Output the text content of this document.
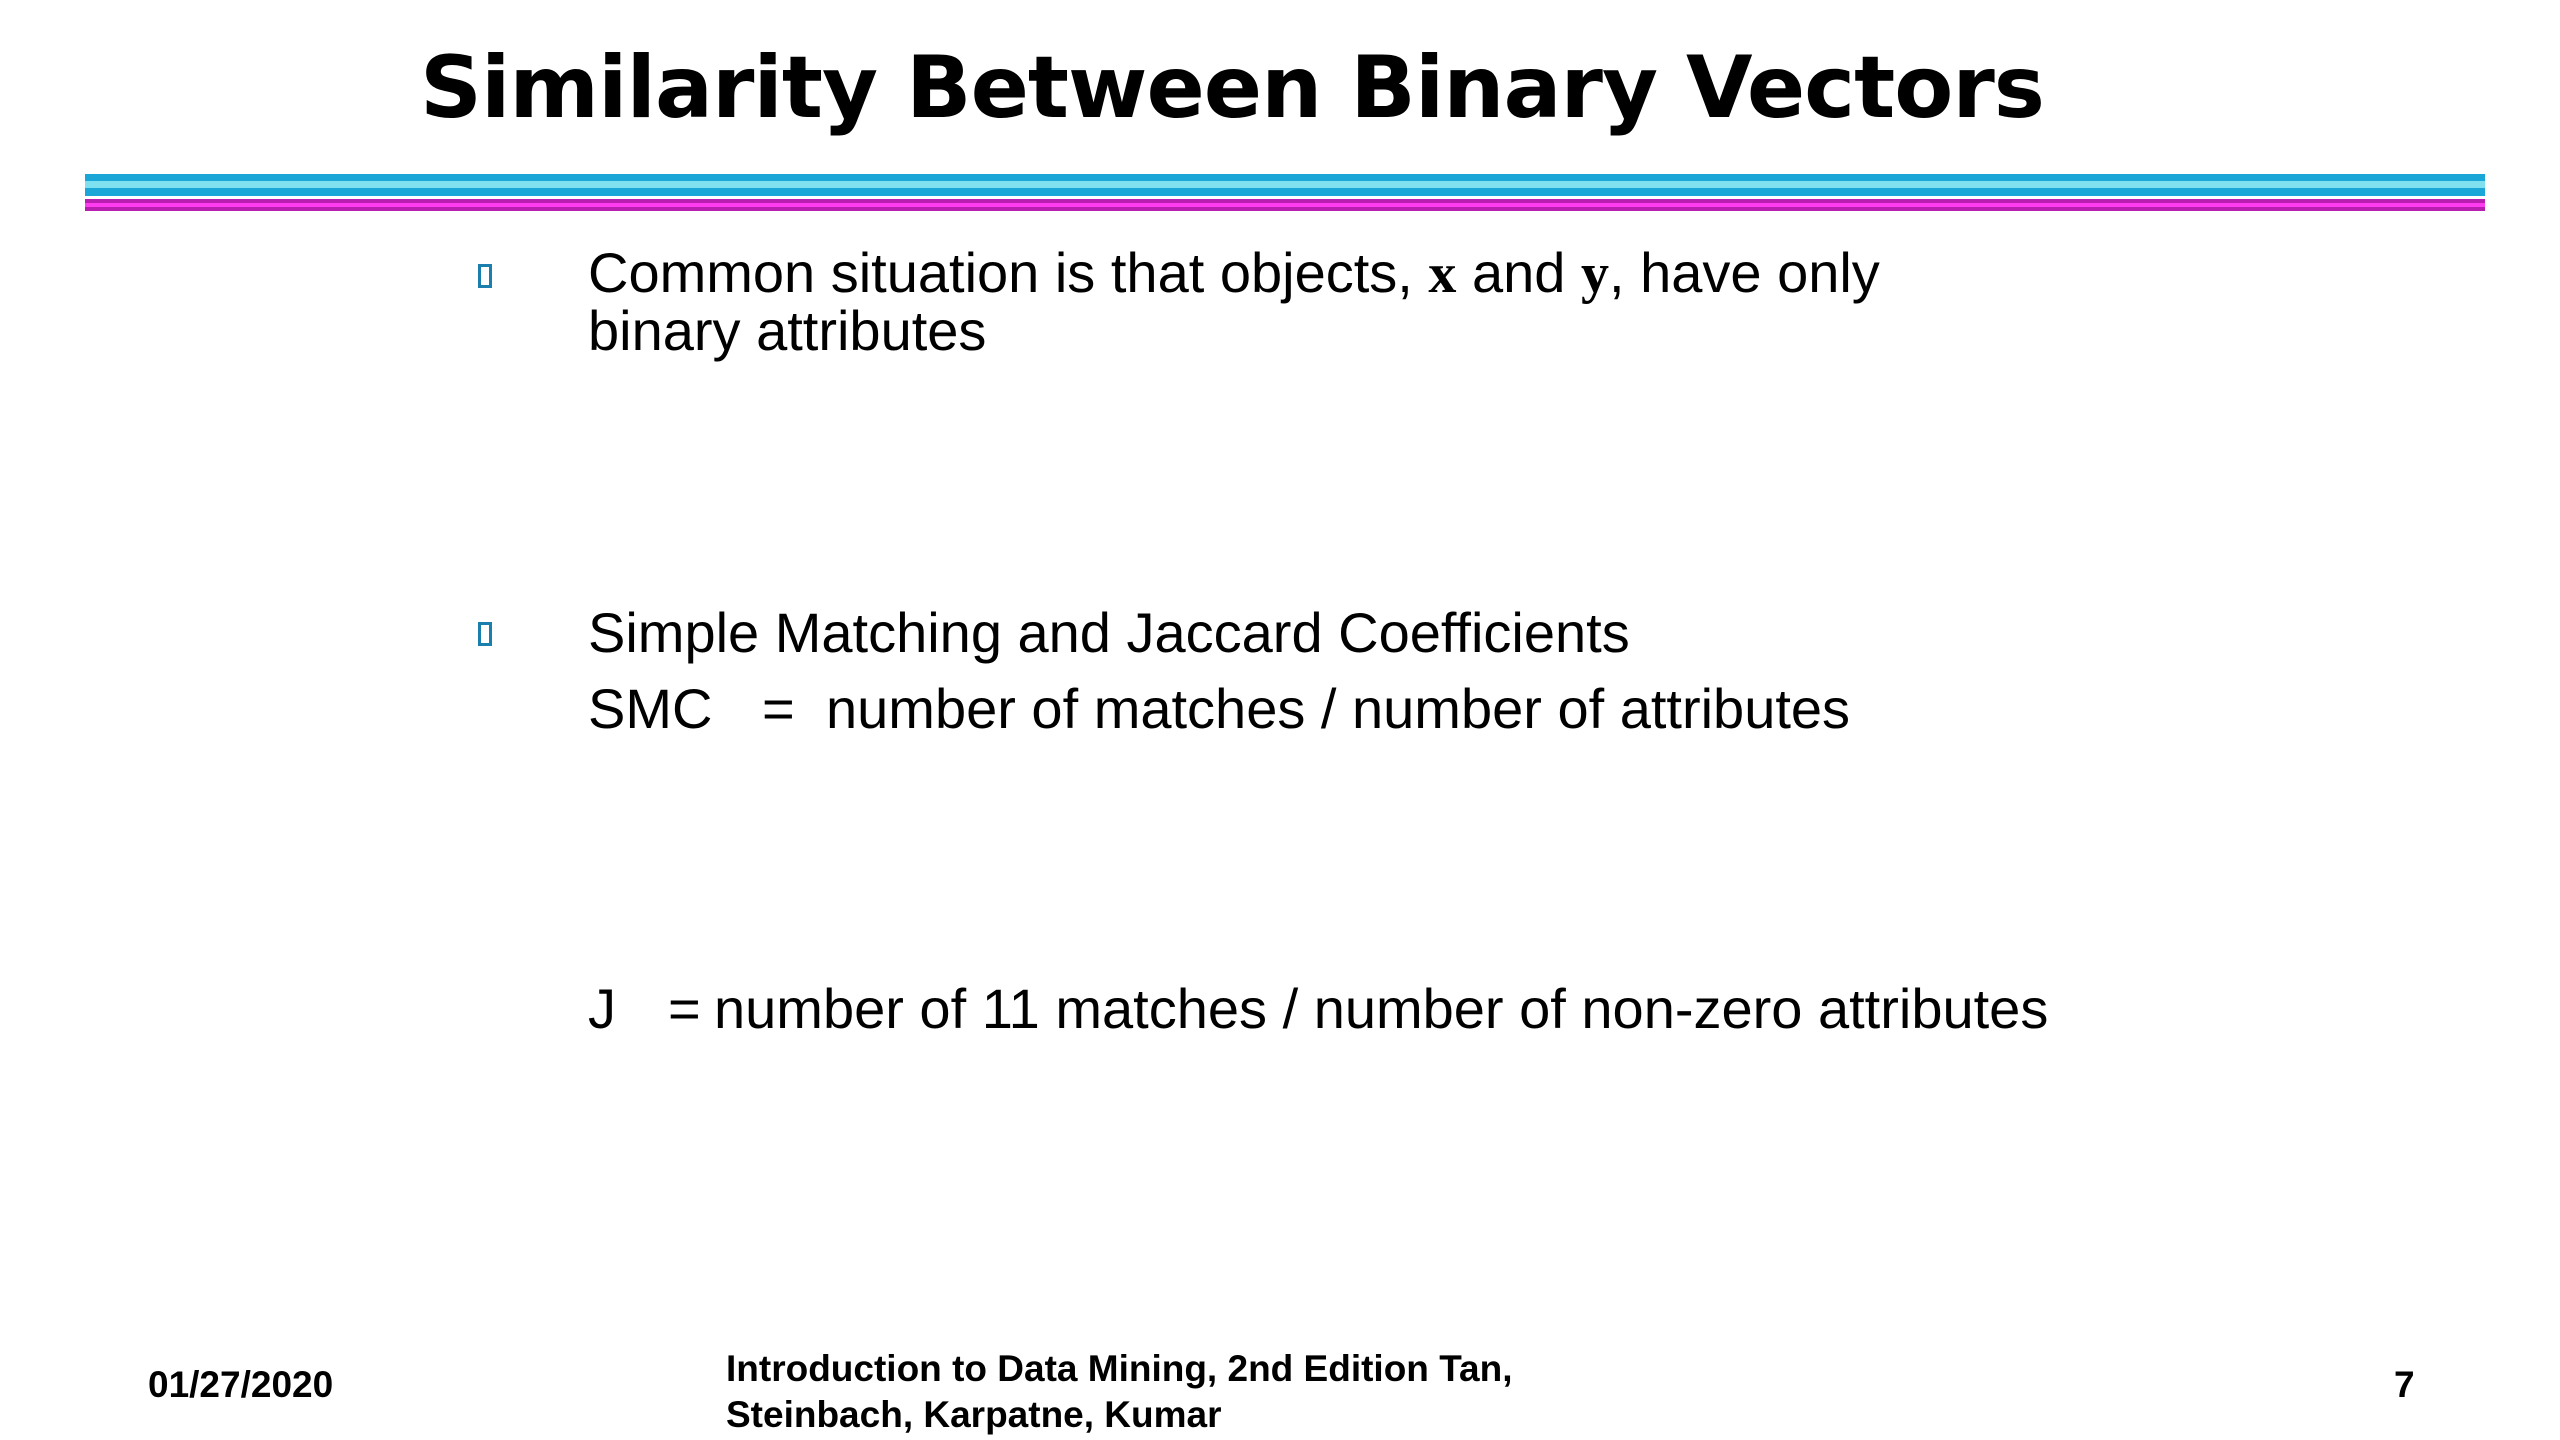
Similarity Between Binary Vectors
Common situation is that objects, x and y, have only
binary attributes
Simple Matching and Jaccard Coefficients
SMC = number of matches / number of attributes
J = number of 11 matches / number of non-zero attributes
01/27/2020	Introduction to Data Mining, 2nd Edition Tan,
Steinbach, Karpatne, Kumar
7
